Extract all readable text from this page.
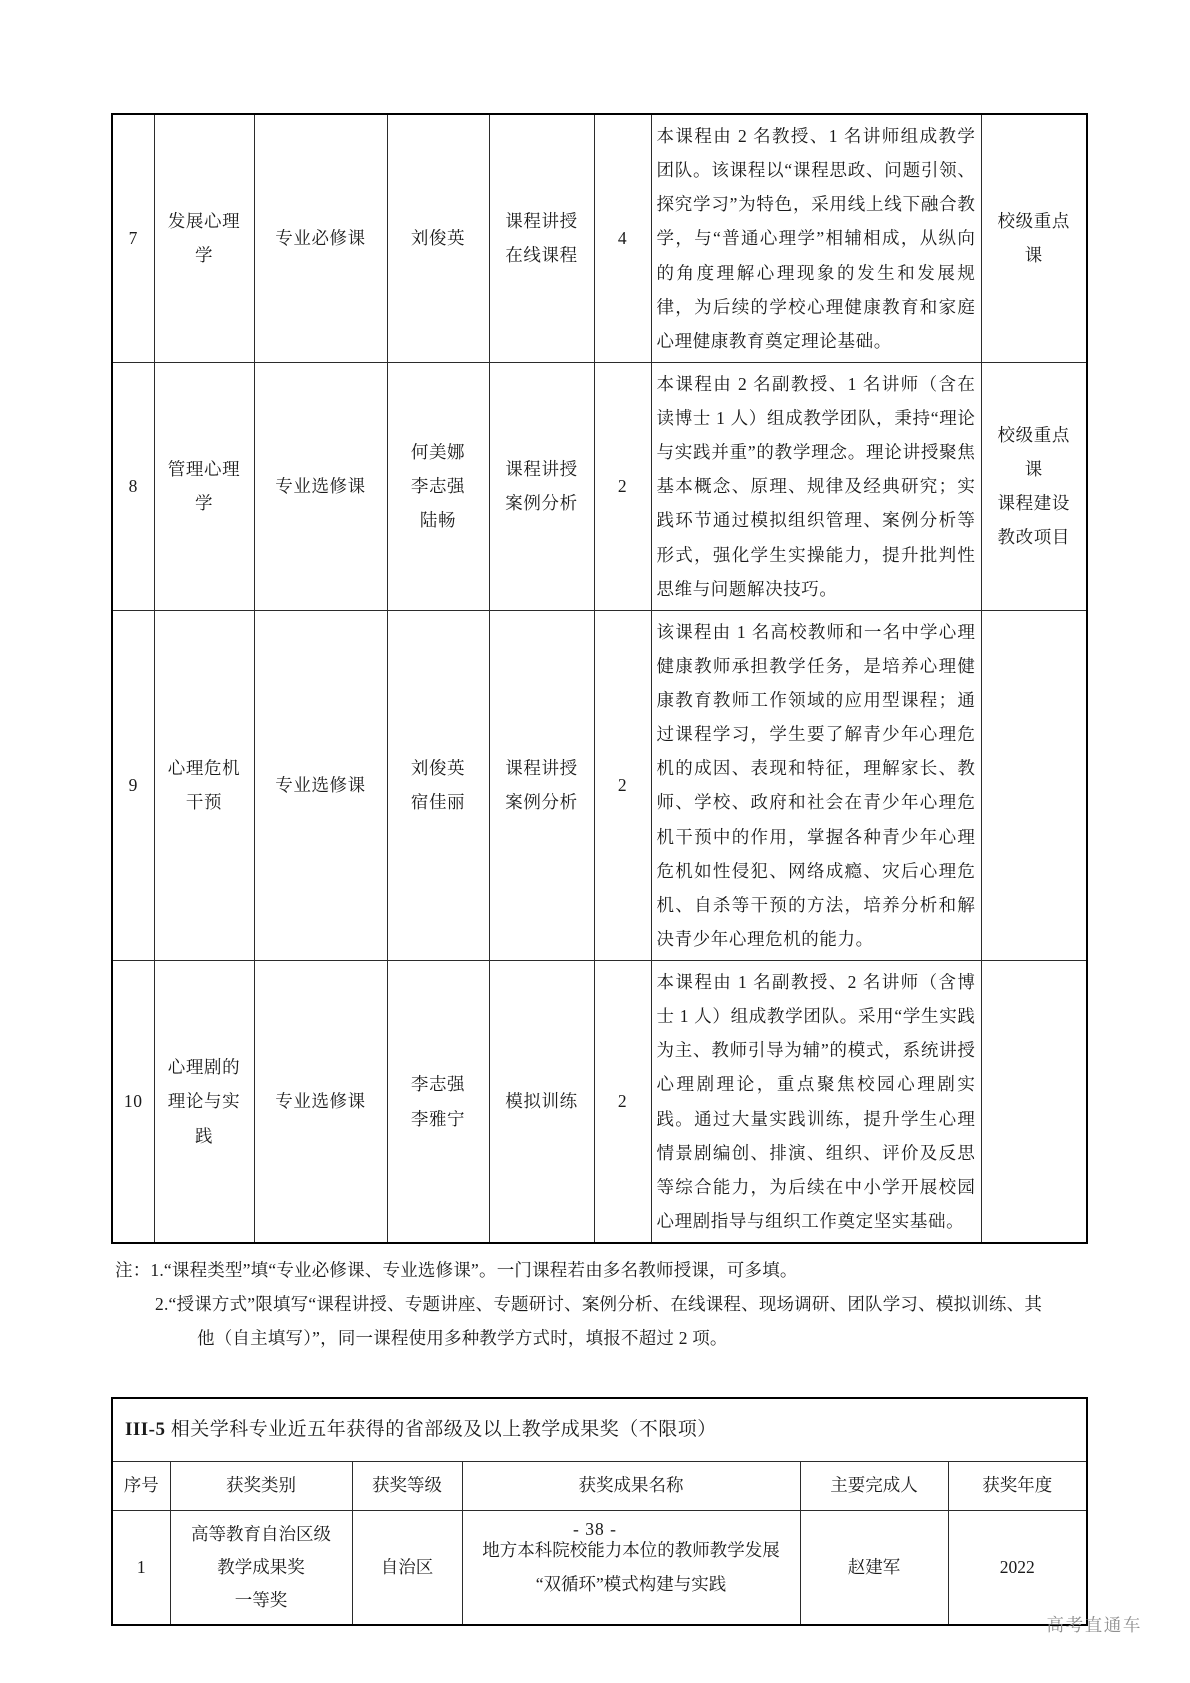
7	发展心理
学	专业必修课	刘俊英	课程讲授
在线课程	4	本课程由 2 名教授、1 名讲师组成教学团队。该课程以“课程思政、问题引领、探究学习”为特色，采用线上线下融合教学，与“普通心理学”相辅相成，从纵向的角度理解心理现象的发生和发展规律，为后续的学校心理健康教育和家庭心理健康教育奠定理论基础。	校级重点
课

8	管理心理
学	专业选修课	何美娜
李志强
陆畅	课程讲授
案例分析	2	本课程由 2 名副教授、1 名讲师（含在读博士 1 人）组成教学团队，秉持“理论与实践并重”的教学理念。理论讲授聚焦基本概念、原理、规律及经典研究；实践环节通过模拟组织管理、案例分析等形式，强化学生实操能力，提升批判性思维与问题解决技巧。	校级重点
课
课程建设
教改项目

9	心理危机
干预	专业选修课	刘俊英
宿佳丽	课程讲授
案例分析	2	该课程由 1 名高校教师和一名中学心理健康教师承担教学任务，是培养心理健康教育教师工作领域的应用型课程；通过课程学习，学生要了解青少年心理危机的成因、表现和特征，理解家长、教师、学校、政府和社会在青少年心理危机干预中的作用，掌握各种青少年心理危机如性侵犯、网络成瘾、灾后心理危机、自杀等干预的方法，培养分析和解决青少年心理危机的能力。	
10	心理剧的
理论与实
践	专业选修课	李志强
李雅宁	模拟训练	2	本课程由 1 名副教授、2 名讲师（含博士 1 人）组成教学团队。采用“学生实践为主、教师引导为辅”的模式，系统讲授心理剧理论，重点聚焦校园心理剧实践。通过大量实践训练，提升学生心理情景剧编创、排演、组织、评价及反思等综合能力，为后续在中小学开展校园心理剧指导与组织工作奠定坚实基础。	
注：1.“课程类型”填“专业必修课、专业选修课”。一门课程若由多名教师授课，可多填。
2.“授课方式”限填写“课程讲授、专题讲座、专题研讨、案例分析、在线课程、现场调研、团队学习、模拟训练、其
他（自主填写）”，同一课程使用多种教学方式时，填报不超过 2 项。
III-5 相关学科专业近五年获得的省部级及以上教学成果奖（不限项）					
序号	获奖类别	获奖等级	获奖成果名称	主要完成人	获奖年度
1	高等教育自治区级
教学成果奖
一等奖	自治区	地方本科院校能力本位的教师教学发展
“双循环”模式构建与实践	赵建军	2022
- 38 -
高考直通车
